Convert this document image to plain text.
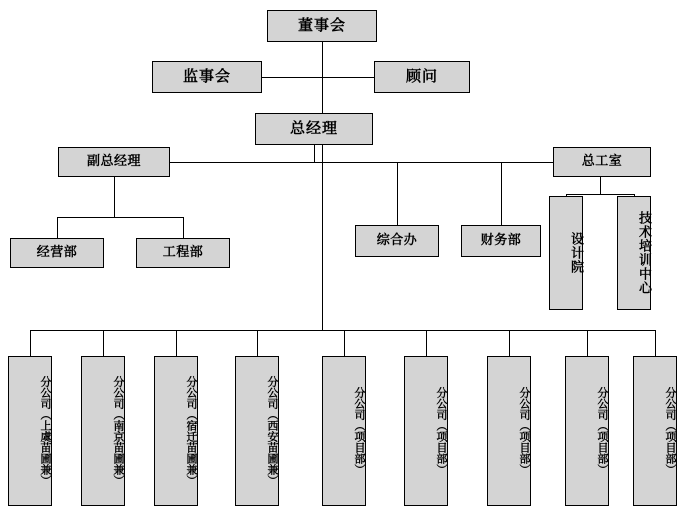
董事会
监事会	顾问
总经理
副总经理	总工室
经营部	工程部
综合办	财务部	设计院	技术培训中心
分公司（上虞苗圃兼）	分公司（南京苗圃兼）	分公司（宿迁苗圃兼）	分公司（西安苗圃兼）	分公司（项目部）	分公司（项目部）	分公司（项目部）	分公司（项目部）	分公司（项目部）
